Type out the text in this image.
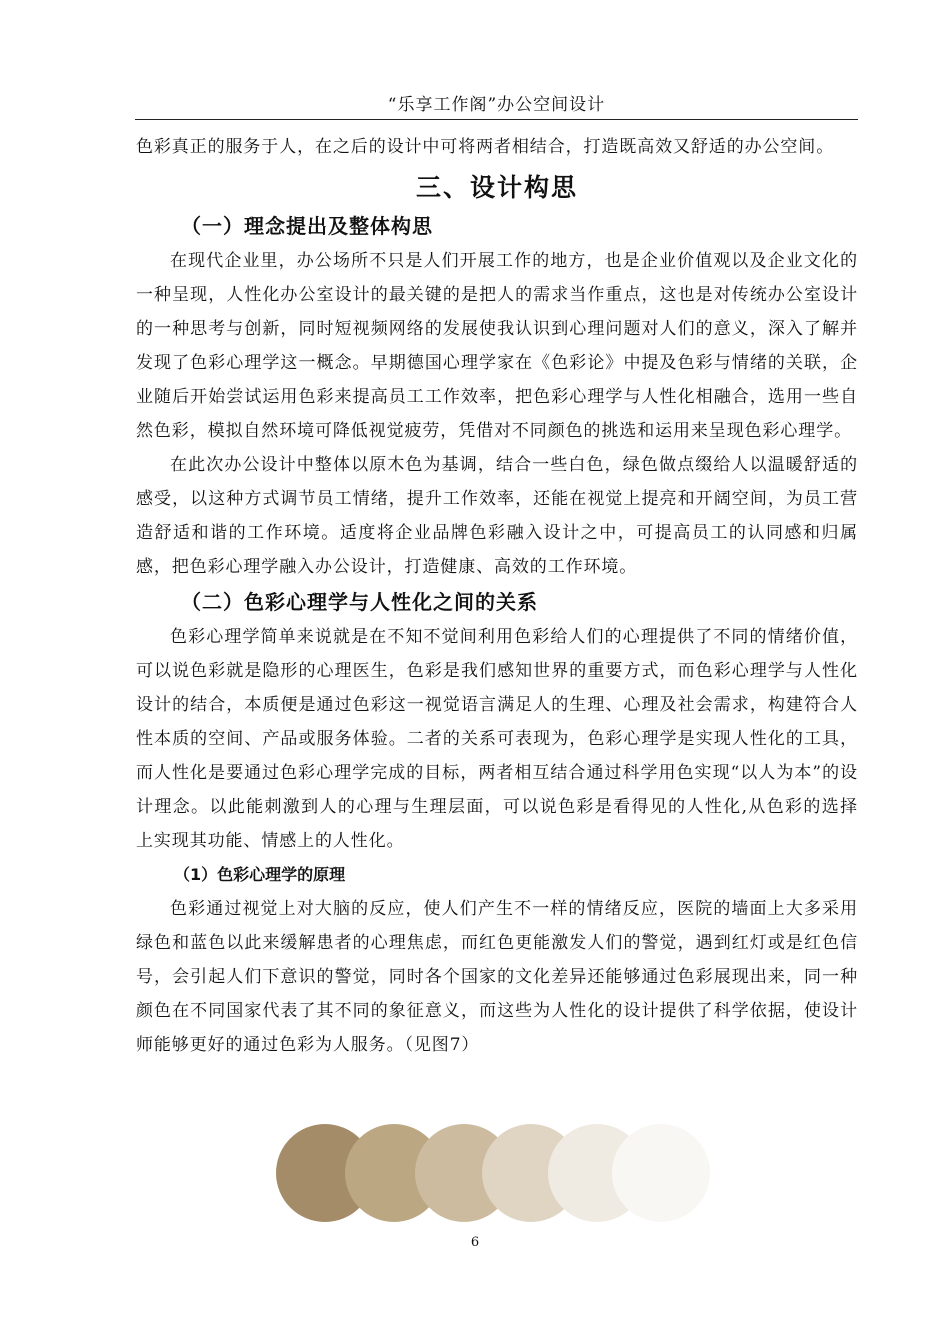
“乐享工作阁”办公空间设计

色彩真正的服务于人，在之后的设计中可将两者相结合，打造既高效又舒适的办公空间。

三、设计构思
（一）理念提出及整体构思

在现代企业里，办公场所不只是人们开展工作的地方，也是企业价值观以及企业文化的一种呈现，人性化办公室设计的最关键的是把人的需求当作重点，这也是对传统办公室设计的一种思考与创新，同时短视频网络的发展使我认识到心理问题对人们的意义，深入了解并发现了色彩心理学这一概念。早期德国心理学家在《色彩论》中提及色彩与情绪的关联，企业随后开始尝试运用色彩来提高员工工作效率，把色彩心理学与人性化相融合，选用一些自然色彩，模拟自然环境可降低视觉疲劳，凭借对不同颜色的挑选和运用来呈现色彩心理学。

在此次办公设计中整体以原木色为基调，结合一些白色，绿色做点缀给人以温暖舒适的感受，以这种方式调节员工情绪，提升工作效率，还能在视觉上提亮和开阔空间，为员工营造舒适和谐的工作环境。适度将企业品牌色彩融入设计之中，可提高员工的认同感和归属感，把色彩心理学融入办公设计，打造健康、高效的工作环境。

（二）色彩心理学与人性化之间的关系

色彩心理学简单来说就是在不知不觉间利用色彩给人们的心理提供了不同的情绪价值，可以说色彩就是隐形的心理医生，色彩是我们感知世界的重要方式，而色彩心理学与人性化设计的结合，本质便是通过色彩这一视觉语言满足人的生理、心理及社会需求，构建符合人性本质的空间、产品或服务体验。二者的关系可表现为，色彩心理学是实现人性化的工具，而人性化是要通过色彩心理学完成的目标，两者相互结合通过科学用色实现“以人为本”的设计理念。以此能刺激到人的心理与生理层面，可以说色彩是看得见的人性化,从色彩的选择上实现其功能、情感上的人性化。

（1）色彩心理学的原理

色彩通过视觉上对大脑的反应，使人们产生不一样的情绪反应，医院的墙面上大多采用绿色和蓝色以此来缓解患者的心理焦虑，而红色更能激发人们的警觉，遇到红灯或是红色信号，会引起人们下意识的警觉，同时各个国家的文化差异还能够通过色彩展现出来，同一种颜色在不同国家代表了其不同的象征意义，而这些为人性化的设计提供了科学依据，使设计师能够更好的通过色彩为人服务。（见图7）

6
